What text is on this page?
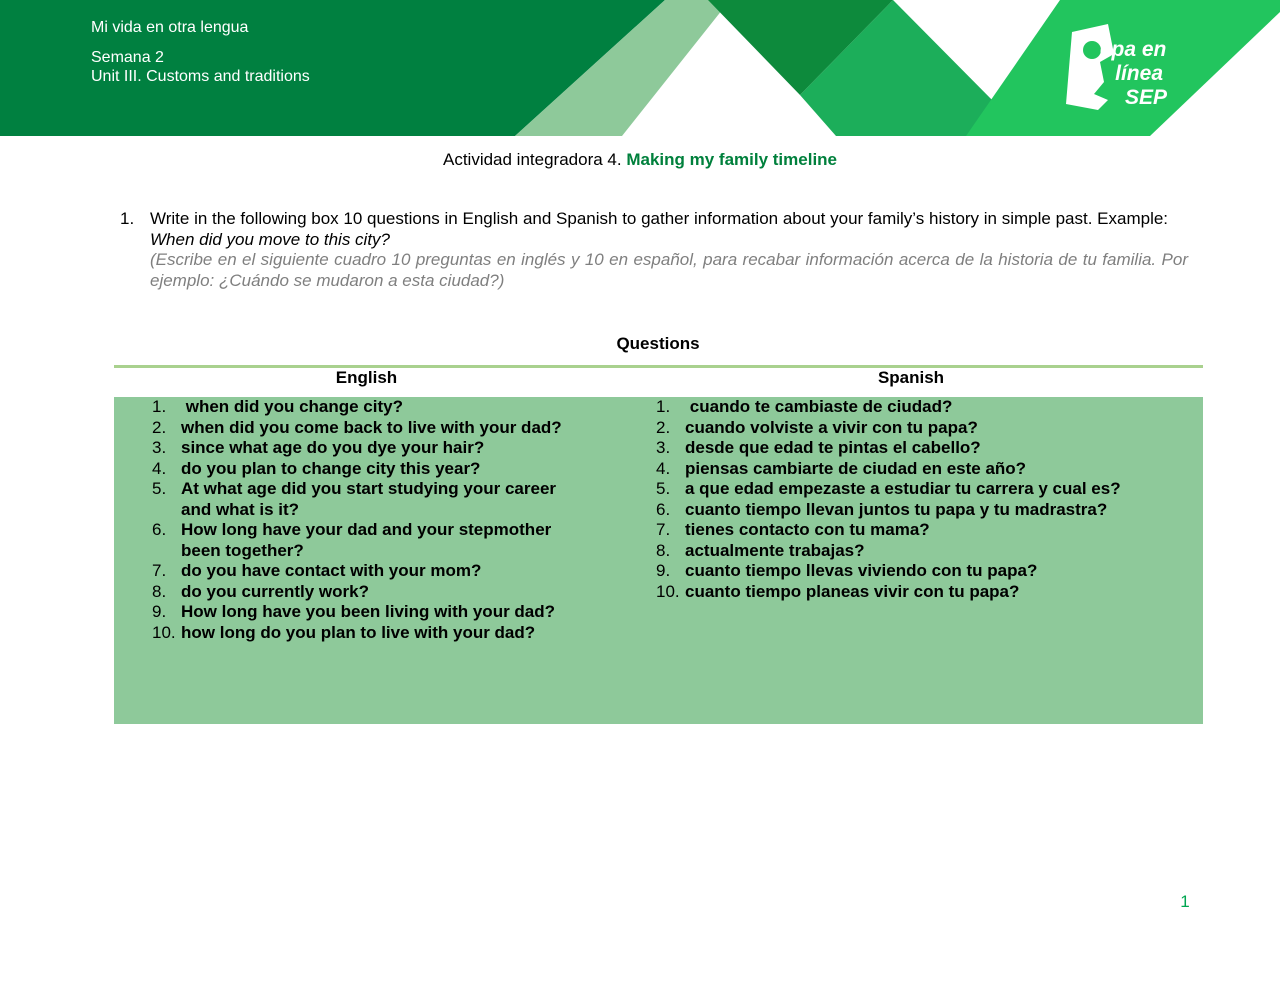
Mi vida en otra lengua
Semana 2
Unit III. Customs and traditions
epa en línea SEP
Actividad integradora 4. Making my family timeline
1. Write in the following box 10 questions in English and Spanish to gather information about your family’s history in simple past. Example:
When did you move to this city?
(Escribe en el siguiente cuadro 10 preguntas en inglés y 10 en español, para recabar información acerca de la historia de tu familia. Por ejemplo: ¿Cuándo se mudaron a esta ciudad?)
Questions
English	Spanish
1. when did you change city?
2. when did you come back to live with your dad?
3. since what age do you dye your hair?
4. do you plan to change city this year?
5. At what age did you start studying your career and what is it?
6. How long have your dad and your stepmother been together?
7. do you have contact with your mom?
8. do you currently work?
9. How long have you been living with your dad?
10. how long do you plan to live with your dad?
1. cuando te cambiaste de ciudad?
2. cuando volviste a vivir con tu papa?
3. desde que edad te pintas el cabello?
4. piensas cambiarte de ciudad en este año?
5. a que edad empezaste a estudiar tu carrera y cual es?
6. cuanto tiempo llevan juntos tu papa y tu madrastra?
7. tienes contacto con tu mama?
8. actualmente trabajas?
9. cuanto tiempo llevas viviendo con tu papa?
10. cuanto tiempo planeas vivir con tu papa?
1
